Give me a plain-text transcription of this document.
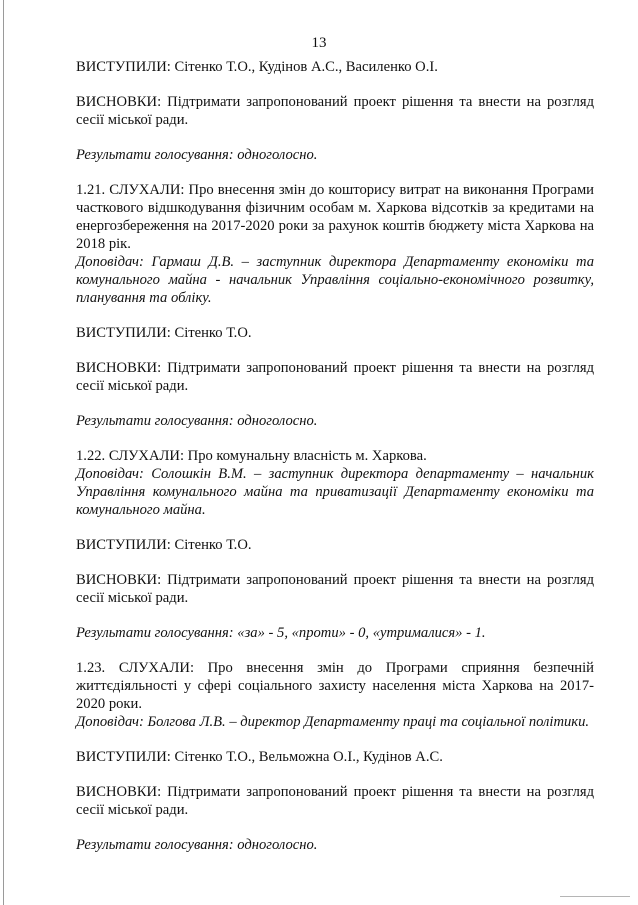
13

ВИСТУПИЛИ: Сітенко Т.О., Кудінов А.С., Василенко О.І.

ВИСНОВКИ: Підтримати запропонований проект рішення та внести на розгляд сесії міської ради.

Результати голосування: одноголосно.

1.21. СЛУХАЛИ: Про внесення змін до кошторису витрат на виконання Програми часткового відшкодування фізичним особам м. Харкова відсотків за кредитами на енергозбереження на 2017-2020 роки за рахунок коштів бюджету міста Харкова на 2018 рік.

Доповідач: Гармаш Д.В. – заступник директора Департаменту економіки та комунального майна - начальник Управління соціально-економічного розвитку, планування та обліку.

ВИСТУПИЛИ: Сітенко Т.О.

ВИСНОВКИ: Підтримати запропонований проект рішення та внести на розгляд сесії міської ради.

Результати голосування: одноголосно.

1.22. СЛУХАЛИ: Про комунальну власність м. Харкова.

Доповідач: Солошкін В.М. – заступник директора департаменту – начальник Управління комунального майна та приватизації Департаменту економіки та комунального майна.

ВИСТУПИЛИ: Сітенко Т.О.

ВИСНОВКИ: Підтримати запропонований проект рішення та внести на розгляд сесії міської ради.

Результати голосування: «за» - 5, «проти» - 0, «утрималися» - 1.

1.23. СЛУХАЛИ: Про внесення змін до Програми сприяння безпечній життєдіяльності у сфері соціального захисту населення міста Харкова на 2017-2020 роки.

Доповідач: Болгова Л.В. – директор Департаменту праці та соціальної політики.

ВИСТУПИЛИ: Сітенко Т.О., Вельможна О.І., Кудінов А.С.

ВИСНОВКИ: Підтримати запропонований проект рішення та внести на розгляд сесії міської ради.

Результати голосування: одноголосно.
